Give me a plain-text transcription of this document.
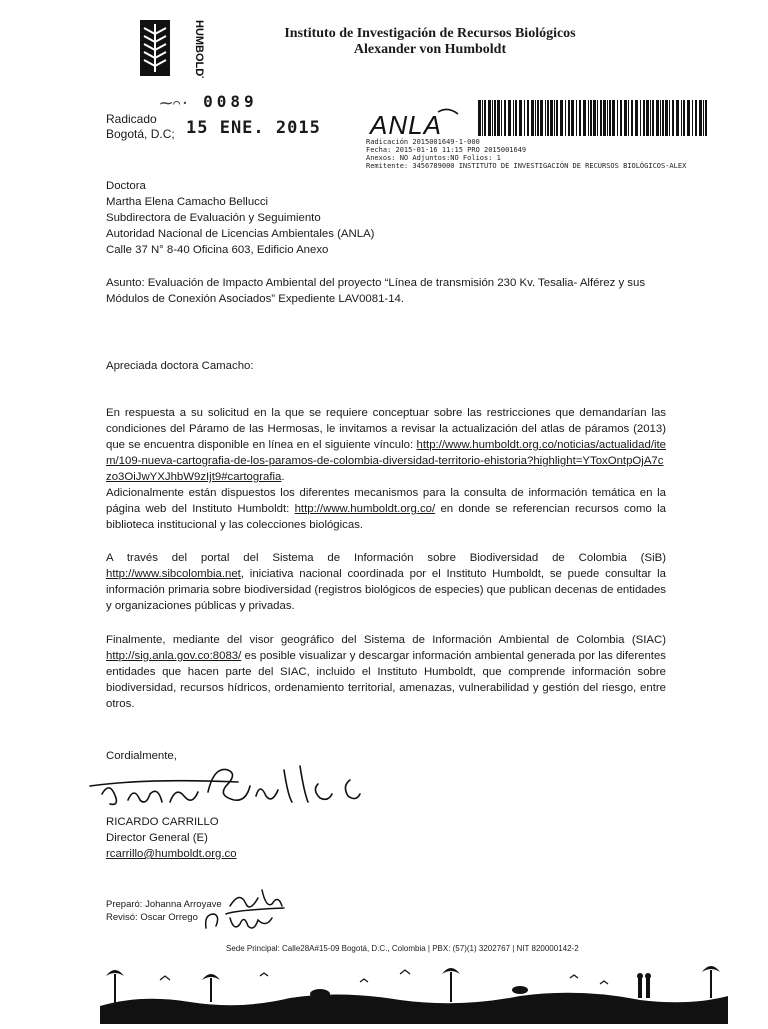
HUMBOLDT	Instituto de Investigación de Recursos Biológicos
Alexander von Humboldt
⁓⌒· 0089
Radicado
Bogotá, D.C; 15 ENE. 2015 ANLA
Radicación 2015001649-1-000
Fecha: 2015-01-16 11:15 PRO 2015001649
Anexos: NO Adjuntos:NO Folios: 1
Remitente: 3456789000 INSTITUTO DE INVESTIGACIÓN DE RECURSOS BIOLÓGICOS-ALEX
Doctora
Martha Elena Camacho Bellucci
Subdirectora de Evaluación y Seguimiento
Autoridad Nacional de Licencias Ambientales (ANLA)
Calle 37 N° 8-40 Oficina 603, Edificio Anexo
Asunto: Evaluación de Impacto Ambiental del proyecto “Línea de transmisión 230 Kv. Tesalia- Alférez y sus Módulos de Conexión Asociados” Expediente LAV0081-14.
Apreciada doctora Camacho:
En respuesta a su solicitud en la que se requiere conceptuar sobre las restricciones que demandarían las condiciones del Páramo de las Hermosas, le invitamos a revisar la actualización del atlas de páramos (2013) que se encuentra disponible en línea en el siguiente vínculo: http://www.humboldt.org.co/noticias/actualidad/item/109-nueva-cartografia-de-los-paramos-de-colombia-diversidad-territorio-ehistoria?highlight=YToxOntpOjA7czo3OiJwYXJhbW9zIjt9#cartografia.
Adicionalmente están dispuestos los diferentes mecanismos para la consulta de información temática en la página web del Instituto Humboldt: http://www.humboldt.org.co/ en donde se referencian recursos como la biblioteca institucional y las colecciones biológicas.
A través del portal del Sistema de Información sobre Biodiversidad de Colombia (SiB) http://www.sibcolombia.net, iniciativa nacional coordinada por el Instituto Humboldt, se puede consultar la información primaria sobre biodiversidad (registros biológicos de especies) que publican decenas de entidades y organizaciones públicas y privadas.
Finalmente, mediante del visor geográfico del Sistema de Información Ambiental de Colombia (SIAC) http://sig.anla.gov.co:8083/ es posible visualizar y descargar información ambiental generada por las diferentes entidades que hacen parte del SIAC, incluido el Instituto Humboldt, que comprende información sobre biodiversidad, recursos hídricos, ordenamiento territorial, amenazas, vulnerabilidad y gestión del riesgo, entre otros.
Cordialmente,
RICARDO CARRILLO
Director General (E)
rcarrillo@humboldt.org.co
Preparó: Johanna Arroyave
Revisó: Oscar Orrego
Sede Principal: Calle28A#15-09 Bogotá, D.C., Colombia | PBX: (57)(1) 3202767 | NIT 820000142-2
